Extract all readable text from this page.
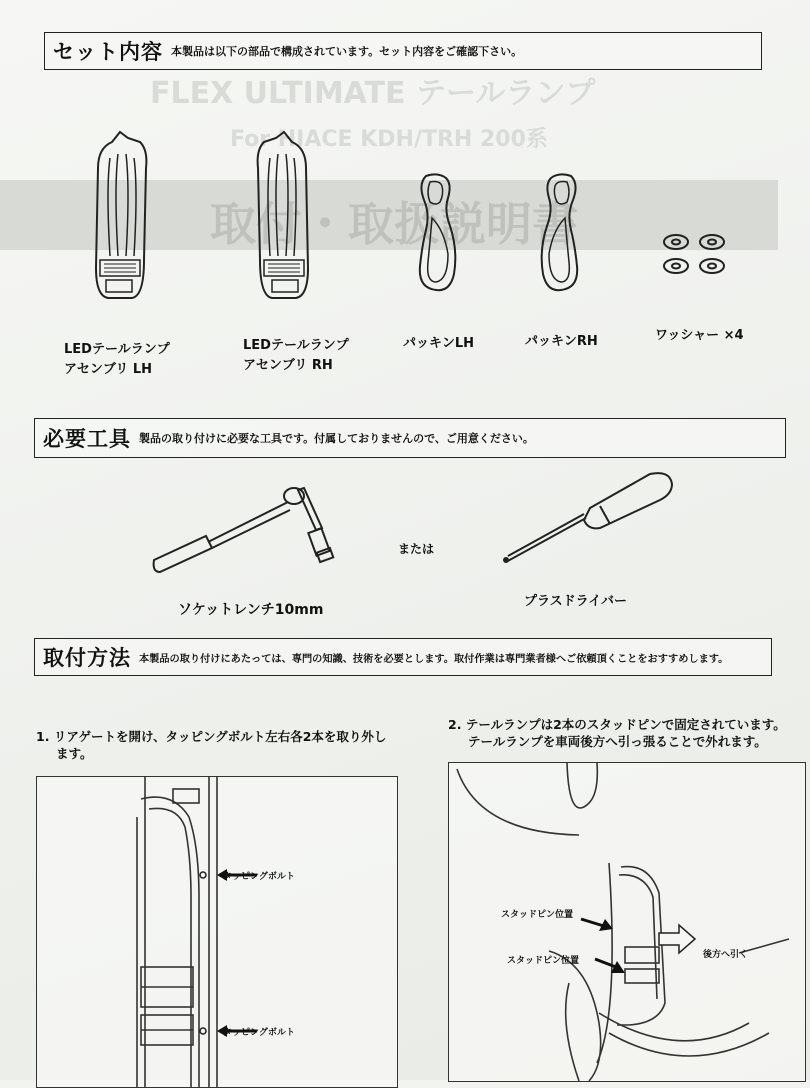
FLEX ULTIMATE テールランプ
For HIACE KDH/TRH 200系
取付・取扱説明書
セット内容 本製品は以下の部品で構成されています。セット内容をご確認下さい。
LEDテールランプ
アセンブリ LH
LEDテールランプ
アセンブリ RH
パッキンLH	パッキンRH	ワッシャー ×4
必要工具 製品の取り付けに必要な工具です。付属しておりませんので、ご用意ください。
または
ソケットレンチ10mm
プラスドライバー
取付方法 本製品の取り付けにあたっては、専門の知識、技術を必要とします。取付作業は専門業者様へご依頼頂くことをおすすめします。
1. リアゲートを開け、タッピングボルト左右各2本を取り外し
ます。
2. テールランプは2本のスタッドピンで固定されています。
テールランプを車両後方へ引っ張ることで外れます。
タッピングボルト
タッピングボルト
スタッドピン位置
スタッドピン位置
後方へ引く
